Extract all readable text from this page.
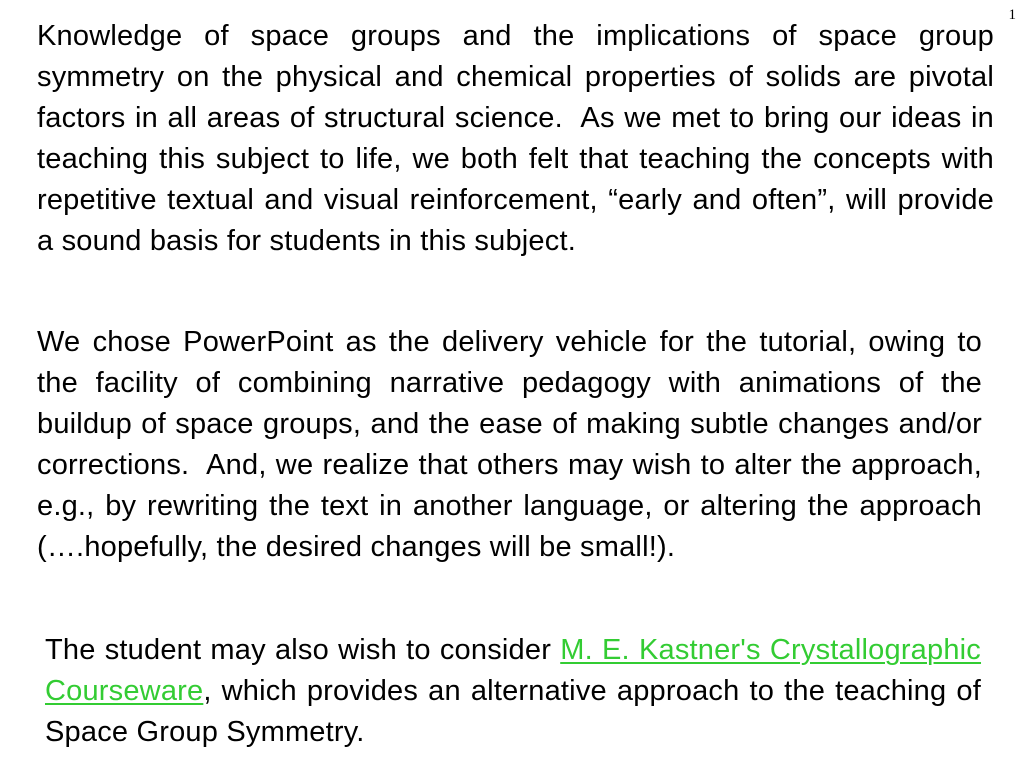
1

Knowledge of space groups and the implications of space group symmetry on the physical and chemical properties of solids are pivotal factors in all areas of structural science.  As we met to bring our ideas in teaching this subject to life, we both felt that teaching the concepts with repetitive textual and visual reinforcement, “early and often”, will provide a sound basis for students in this subject.

We chose PowerPoint as the delivery vehicle for the tutorial, owing to the facility of combining narrative pedagogy with animations of the buildup of space groups, and the ease of making subtle changes and/or corrections.  And, we realize that others may wish to alter the approach, e.g., by rewriting the text in another language, or altering the approach (….hopefully, the desired changes will be small!).

The student may also wish to consider M. E. Kastner's Crystallographic Courseware, which provides an alternative approach to the teaching of Space Group Symmetry.
